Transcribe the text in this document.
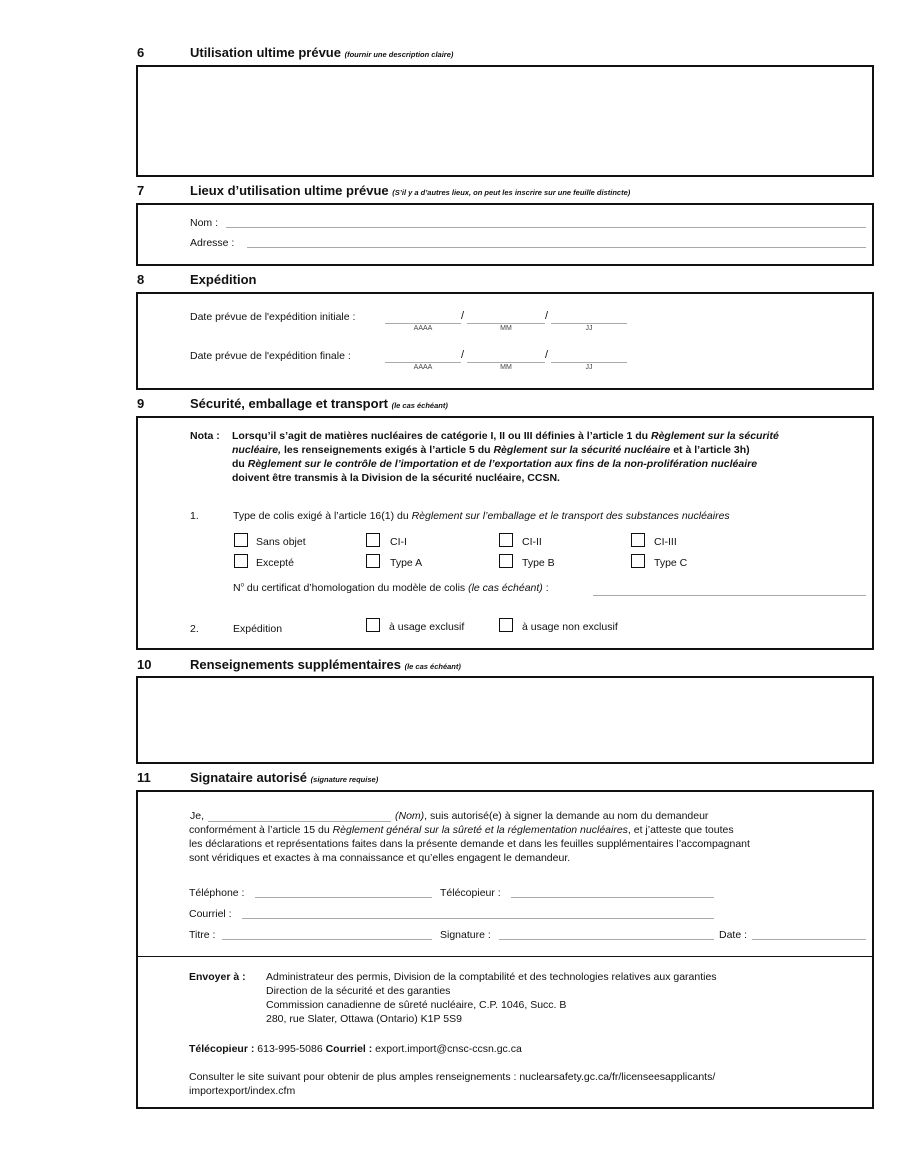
6	Utilisation ultime prévue (fournir une description claire)
7	Lieux d’utilisation ultime prévue (S’il y a d’autres lieux, on peut les inscrire sur une feuille distincte)
Nom :
Adresse :
8	Expédition
Date prévue de l'expédition initiale :	/	/
AAAA	MM	JJ
Date prévue de l'expédition finale :	/	/
AAAA	MM	JJ
9	Sécurité, emballage et transport (le cas échéant)
Nota : Lorsqu’il s’agit de matières nucléaires de catégorie I, II ou III définies à l’article 1 du Règlement sur la sécurité
nucléaire, les renseignements exigés à l’article 5 du Règlement sur la sécurité nucléaire et à l’article 3h)
du Règlement sur le contrôle de l’importation et de l’exportation aux fins de la non-prolifération nucléaire
doivent être transmis à la Division de la sécurité nucléaire, CCSN.
1.	Type de colis exigé à l’article 16(1) du Règlement sur l’emballage et le transport des substances nucléaires
Sans objet	CI-I	CI-II	CI-III
Excepté	Type A	Type B	Type C
$N^o$ du certificat d’homologation du modèle de colis (le cas échéant) :
2.	Expédition	à usage exclusif	à usage non exclusif
10	Renseignements supplémentaires (le cas échéant)
11	Signataire autorisé (signature requise)
Je,	(Nom), suis autorisé(e) à signer la demande au nom du demandeur
conformément à l’article 15 du Règlement général sur la sûreté et la réglementation nucléaires, et j’atteste que toutes
les déclarations et représentations faites dans la présente demande et dans les feuilles supplémentaires l’accompagnant
sont véridiques et exactes à ma connaissance et qu’elles engagent le demandeur.
Téléphone :	Télécopieur :
Courriel :
Titre :	Signature :	Date :
Envoyer à : Administrateur des permis, Division de la comptabilité et des technologies relatives aux garanties
Direction de la sécurité et des garanties
Commission canadienne de sûreté nucléaire, C.P. 1046, Succ. B
280, rue Slater, Ottawa (Ontario) K1P 5S9
Télécopieur : 613-995-5086 Courriel : export.import@cnsc-ccsn.gc.ca
Consulter le site suivant pour obtenir de plus amples renseignements : nuclearsafety.gc.ca/fr/licenseesapplicants/
importexport/index.cfm
